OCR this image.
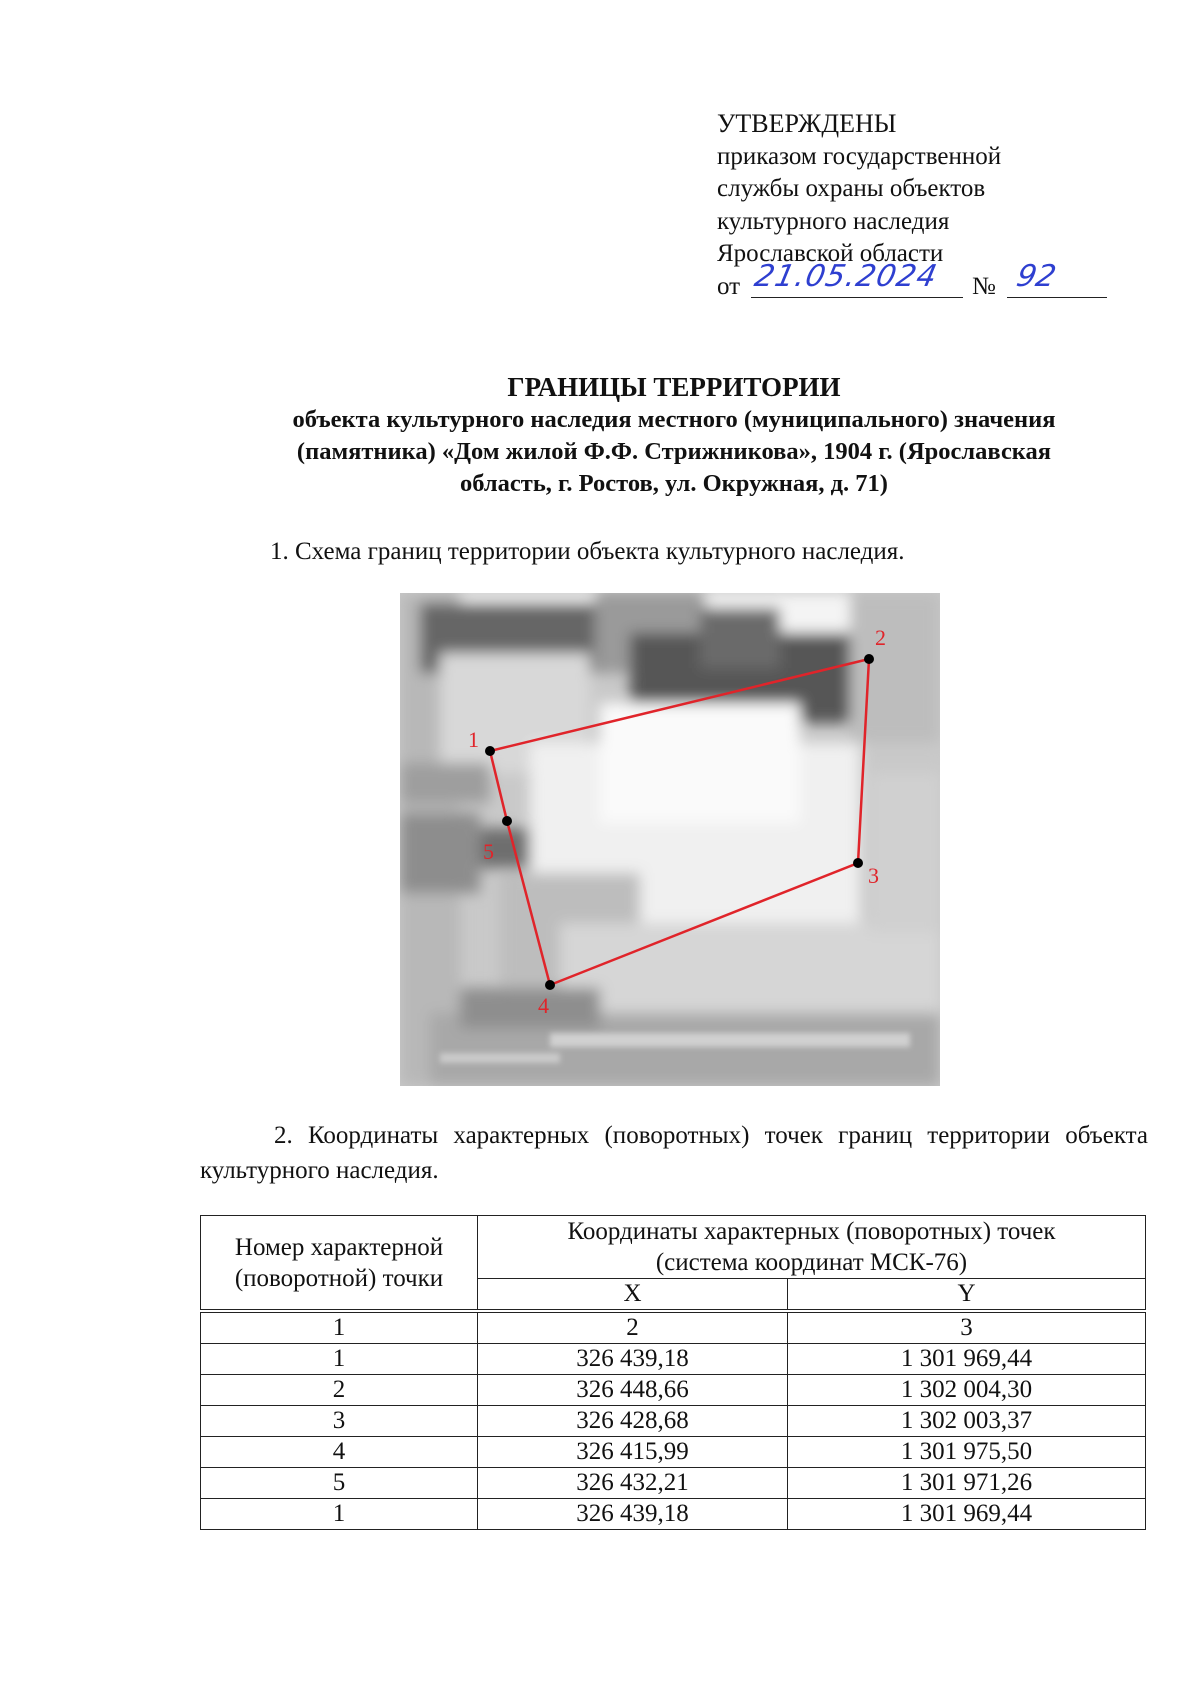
УТВЕРЖДЕНЫ
приказом государственной
службы охраны объектов
культурного наследия
Ярославской области
от 21.05.2024 № 92
ГРАНИЦЫ ТЕРРИТОРИИ
объекта культурного наследия местного (муниципального) значения
(памятника) «Дом жилой Ф.Ф. Стрижникова», 1904 г. (Ярославская
область, г. Ростов, ул. Окружная, д. 71)
1. Схема границ территории объекта культурного наследия.
1
2
3
4
5
2. Координаты характерных (поворотных) точек границ территории объекта культурного наследия.
Номер характерной (поворотной) точки	Координаты характерных (поворотных) точек
(система координат МСК-76)	

	X	Y
1	2	3
1	326 439,18	1 301 969,44
2	326 448,66	1 302 004,30
3	326 428,68	1 302 003,37
4	326 415,99	1 301 975,50
5	326 432,21	1 301 971,26
1	326 439,18	1 301 969,44
